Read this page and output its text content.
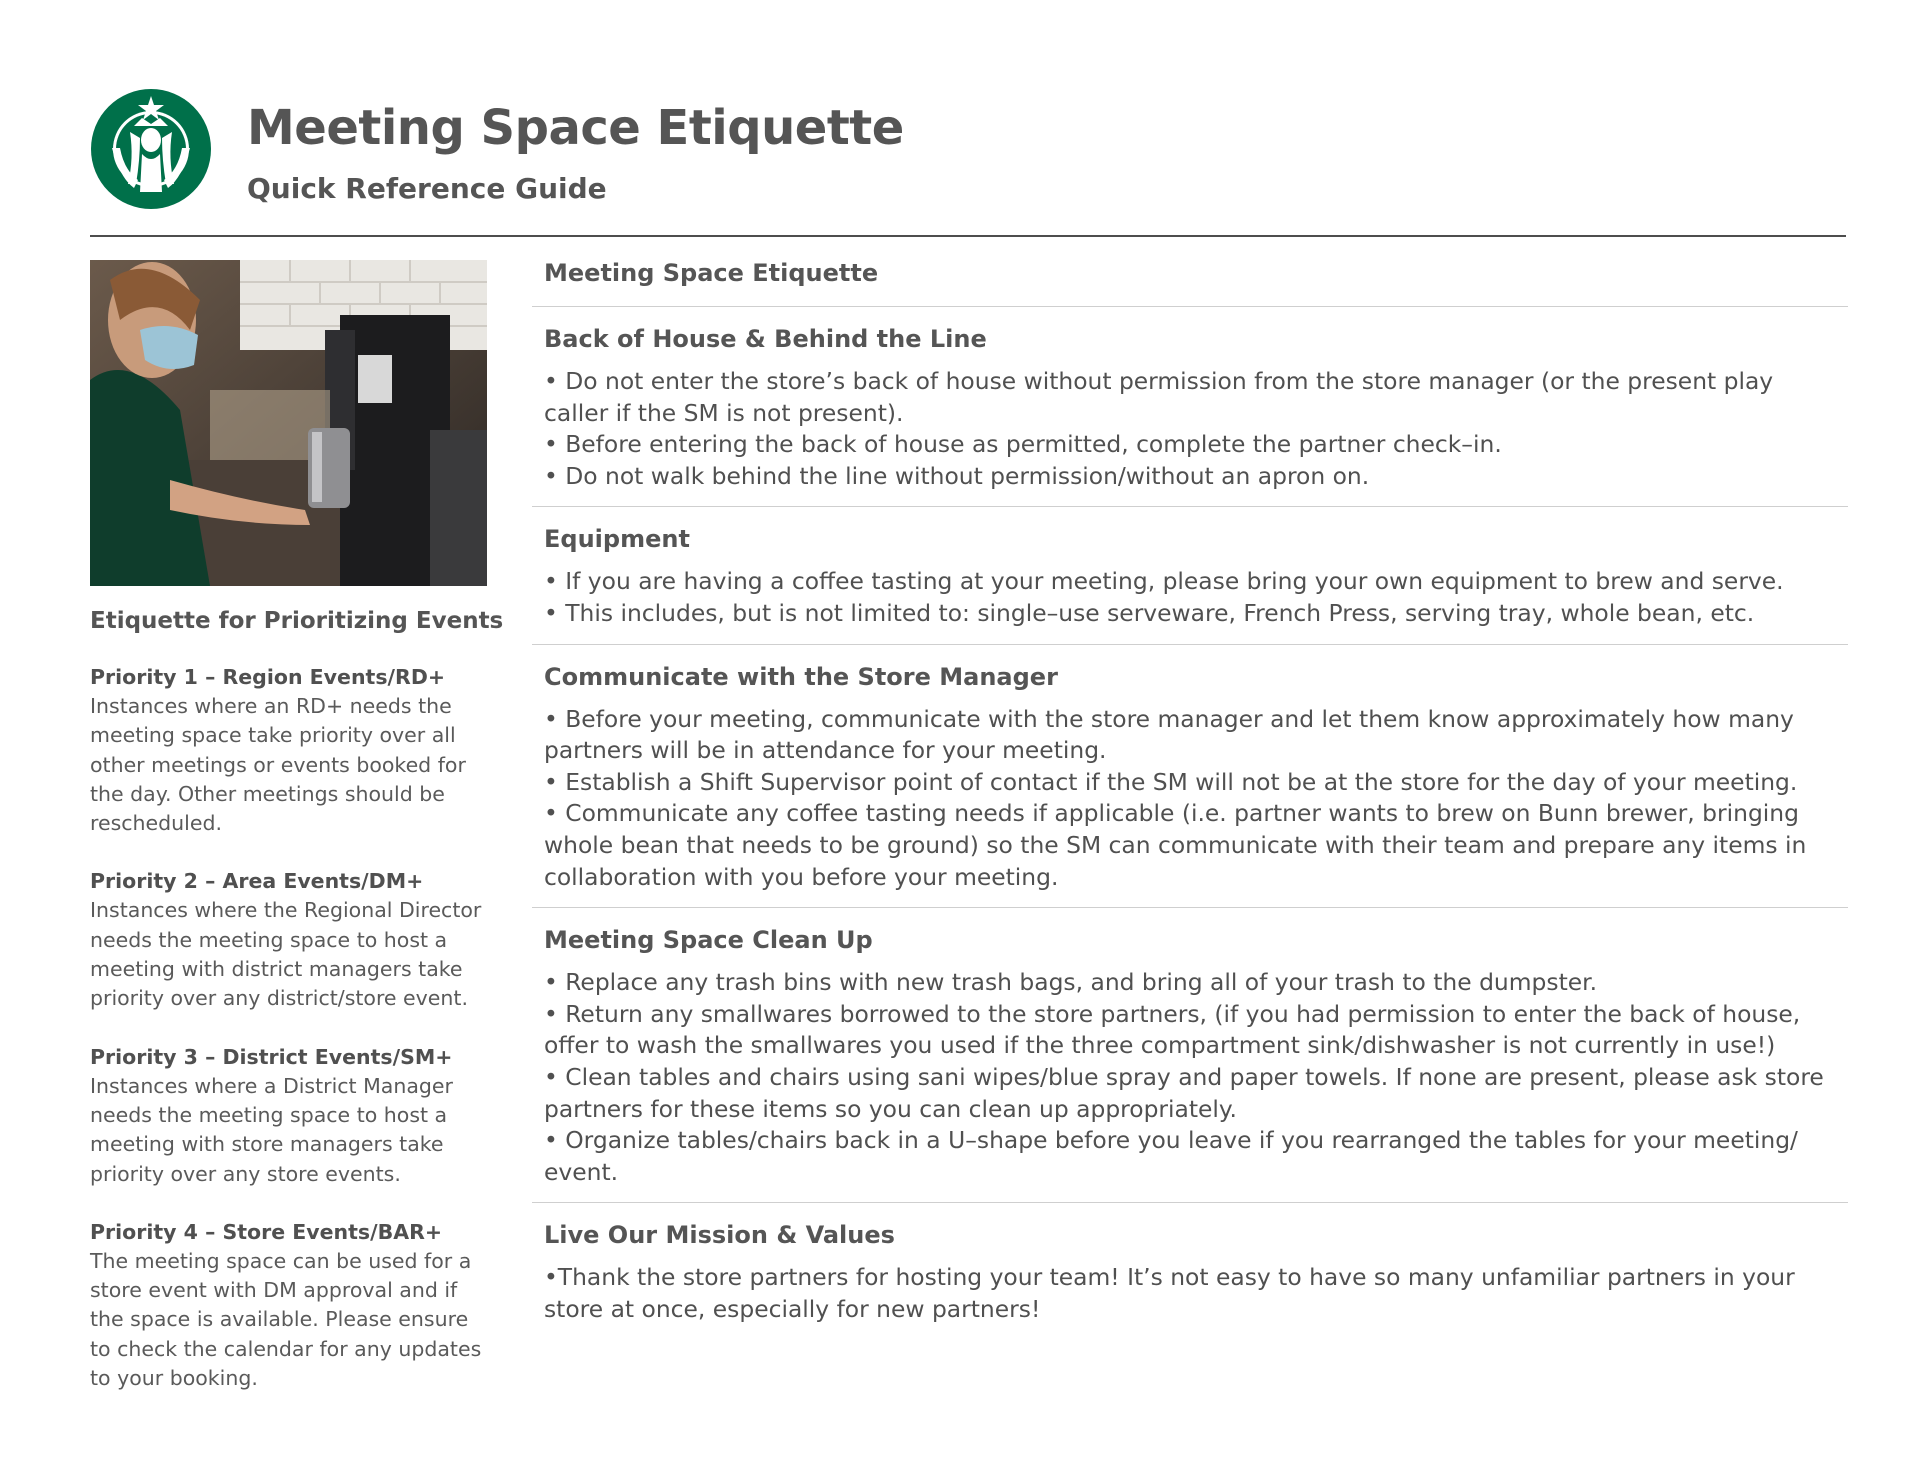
Meeting Space Etiquette
Quick Reference Guide
Etiquette for Prioritizing Events
Priority 1 – Region Events/RD+
Instances where an RD+ needs the meeting space take priority over all other meetings or events booked for the day. Other meetings should be rescheduled.
Priority 2 – Area Events/DM+
Instances where the Regional Director needs the meeting space to host a meeting with district managers take priority over any district/store event.
Priority 3 – District Events/SM+
Instances where a District Manager needs the meeting space to host a meeting with store managers take priority over any store events.
Priority 4 – Store Events/BAR+
The meeting space can be used for a store event with DM approval and if the space is available. Please ensure to check the calendar for any updates to your booking.
Meeting Space Etiquette
Back of House & Behind the Line
• Do not enter the store’s back of house without permission from the store manager (or the present play caller if the SM is not present).
• Before entering the back of house as permitted, complete the partner check–in.
• Do not walk behind the line without permission/without an apron on.
Equipment
• If you are having a coffee tasting at your meeting, please bring your own equipment to brew and serve.
• This includes, but is not limited to: single–use serveware, French Press, serving tray, whole bean, etc.
Communicate with the Store Manager
• Before your meeting, communicate with the store manager and let them know approximately how many partners will be in attendance for your meeting.
• Establish a Shift Supervisor point of contact if the SM will not be at the store for the day of your meeting.
• Communicate any coffee tasting needs if applicable (i.e. partner wants to brew on Bunn brewer, bringing whole bean that needs to be ground) so the SM can communicate with their team and prepare any items in collaboration with you before your meeting.
Meeting Space Clean Up
• Replace any trash bins with new trash bags, and bring all of your trash to the dumpster.
• Return any smallwares borrowed to the store partners, (if you had permission to enter the back of house, offer to wash the smallwares you used if the three compartment sink/dishwasher is not currently in use!)
• Clean tables and chairs using sani wipes/blue spray and paper towels. If none are present, please ask store partners for these items so you can clean up appropriately.
• Organize tables/chairs back in a U–shape before you leave if you rearranged the tables for your meeting/ event.
Live Our Mission & Values
•Thank the store partners for hosting your team! It’s not easy to have so many unfamiliar partners in your store at once, especially for new partners!
